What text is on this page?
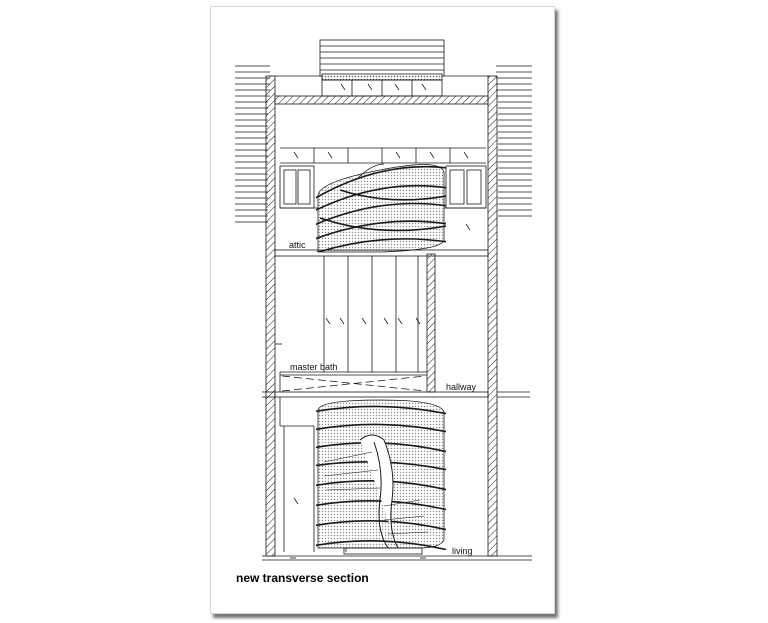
attic
master bath
hallway
living
new transverse section
